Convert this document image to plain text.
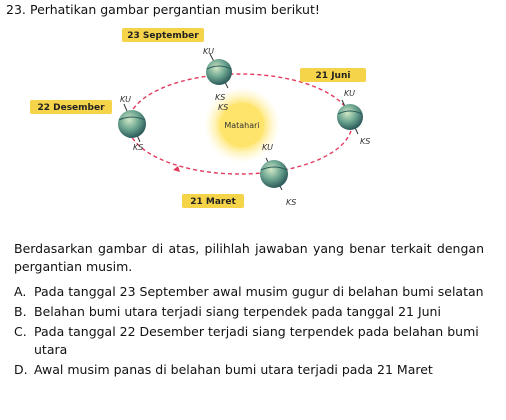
23. Perhatikan gambar pergantian musim berikut!
Matahari
23 September
21 Juni
22 Desember
21 Maret
KU
KS	KU
KS
KU
KS	KU
KS
KS
Berdasarkan gambar di atas, pilihlah jawaban yang benar terkait dengan pergantian musim.
A. Pada tanggal 23 September awal musim gugur di belahan bumi selatan
B. Belahan bumi utara terjadi siang terpendek pada tanggal 21 Juni
C. Pada tanggal 22 Desember terjadi siang terpendek pada belahan bumi utara
D. Awal musim panas di belahan bumi utara terjadi pada 21 Maret
